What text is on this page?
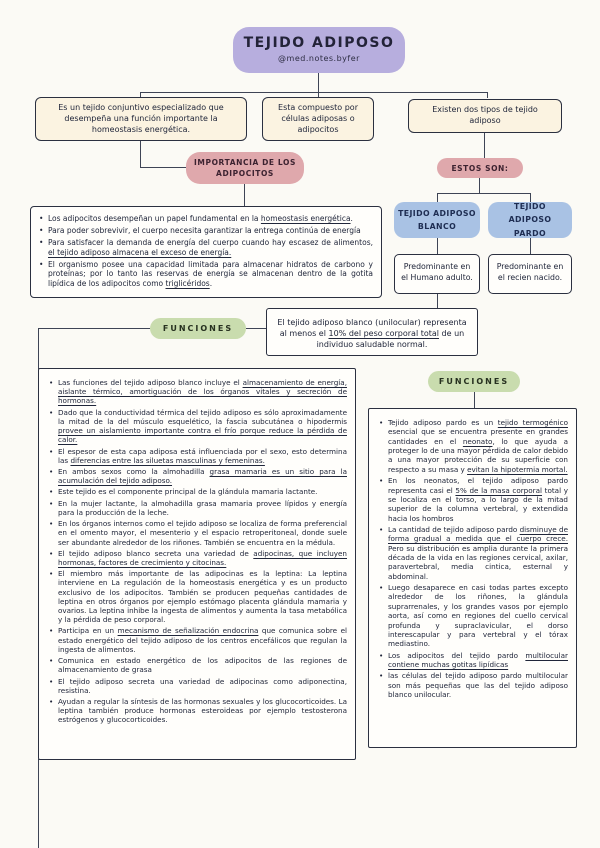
TEJIDO ADIPOSO
@med.notes.byfer
Es un tejido conjuntivo especializado que desempeña una función importante la homeostasis energética.
Esta compuesto por células adiposas o adipocitos
Existen dos tipos de tejido adiposo
IMPORTANCIA DE LOS ADIPOCITOS
ESTOS SON:
• Los adipocitos desempeñan un papel fundamental en la homeostasis energética.
• Para poder sobrevivir, el cuerpo necesita garantizar la entrega continúa de energía
• Para satisfacer la demanda de energía del cuerpo cuando hay escasez de alimentos, el tejido adiposo almacena el exceso de energía.
• El organismo posee una capacidad limitada para almacenar hidratos de carbono y proteínas; por lo tanto las reservas de energía se almacenan dentro de la gotita lipídica de los adipocitos como triglicéridos.
TEJIDO ADIPOSO BLANCO
TEJIDO ADIPOSO PARDO
Predominante en el Humano adulto.
Predominante en el recien nacido.
FUNCIONES
El tejido adiposo blanco (unilocular) representa al menos el 10% del peso corporal total de un individuo saludable normal.
• Las funciones del tejido adiposo blanco incluye el almacenamiento de energía, aislante térmico, amortiguación de los órganos vitales y secreción de hormonas.
• Dado que la conductividad térmica del tejido adiposo es sólo aproximadamente la mitad de la del músculo esquelético, la fascia subcutánea o hipodermis provee un aislamiento importante contra el frío porque reduce la pérdida de calor.
• El espesor de esta capa adiposa está influenciada por el sexo, esto determina las diferencias entre las siluetas masculinas y femeninas.
• En ambos sexos como la almohadilla grasa mamaria es un sitio para la acumulación del tejido adiposo.
• Este tejido es el componente principal de la glándula mamaria lactante.
• En la mujer lactante, la almohadilla grasa mamaria provee lípidos y energía para la producción de la leche.
• En los órganos internos como el tejido adiposo se localiza de forma preferencial en el omento mayor, el mesenterio y el espacio retroperitoneal, donde suele ser abundante alrededor de los riñones. También se encuentra en la médula.
• El tejido adiposo blanco secreta una variedad de adipocinas, que incluyen hormonas, factores de crecimiento y citocinas.
• El miembro más importante de las adipocinas es la leptina: La leptina interviene en La regulación de la homeostasis energética y es un producto exclusivo de los adipocitos. También se producen pequeñas cantidades de leptina en otros órganos por ejemplo estómago placenta glándula mamaria y ovarios. La leptina inhibe la ingesta de alimentos y aumenta la tasa metabólica y la pérdida de peso corporal.
• Participa en un mecanismo de señalización endocrina que comunica sobre el estado energético del tejido adiposo de los centros encefálicos que regulan la ingesta de alimentos.
• Comunica en estado energético de los adipocitos de las regiones de almacenamiento de grasa
• El tejido adiposo secreta una variedad de adipocinas como adiponectina, resistina.
• Ayudan a regular la síntesis de las hormonas sexuales y los glucocorticoides. La leptina también produce hormonas esteroideas por ejemplo testosterona estrógenos y glucocorticoides.
FUNCIONES
• Tejido adiposo pardo es un tejido termogénico esencial que se encuentra presente en grandes cantidades en el neonato, lo que ayuda a proteger lo de una mayor pérdida de calor debido a una mayor protección de su superficie con respecto a su masa y evitan la hipotermia mortal.
• En los neonatos, el tejido adiposo pardo representa casi el 5% de la masa corporal total y se localiza en el torso, a lo largo de la mitad superior de la columna vertebral, y extendida hacia los hombros
• La cantidad de tejido adiposo pardo disminuye de forma gradual a medida que el cuerpo crece. Pero su distribución es amplia durante la primera década de la vida en las regiones cervical, axilar, paravertebral, media cintica, esternal y abdominal.
• Luego desaparece en casi todas partes excepto alrededor de los riñones, la glándula suprarrenales, y los grandes vasos por ejemplo aorta, así como en regiones del cuello cervical profunda y supraclavicular, el dorso interescapular y para vertebral y el tórax mediastino.
• Los adipocitos del tejido pardo multilocular contiene muchas gotitas lipídicas
• las células del tejido adiposo pardo multilocular son más pequeñas que las del tejido adiposo blanco unilocular.
